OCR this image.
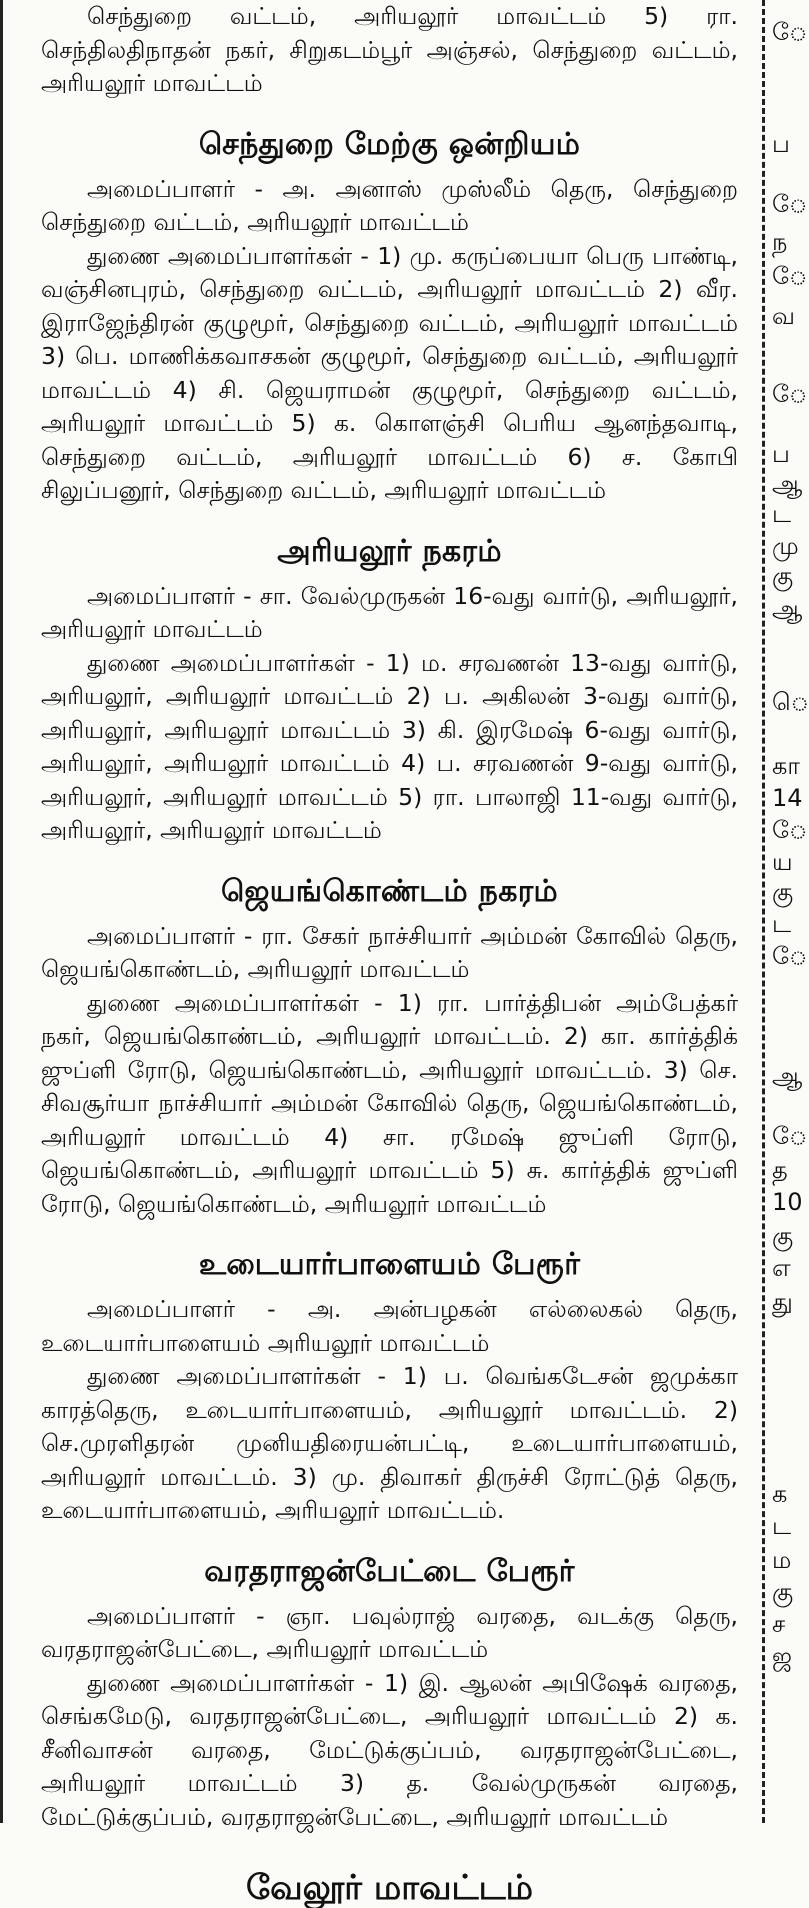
செந்துறை வட்டம், அரியலூர் மாவட்டம் 5) ரா. செந்திலதிநாதன் நகர், சிறுகடம்பூர் அஞ்சல், செந்துறை வட்டம், அரியலூர் மாவட்டம்

செந்துறை மேற்கு ஒன்றியம்

அமைப்பாளர் - அ. அனாஸ் முஸ்லீம் தெரு, செந்துறை செந்துறை வட்டம், அரியலூர் மாவட்டம்

துணை அமைப்பாளர்கள் - 1) மு. கருப்பையா பெரு பாண்டி, வஞ்சினபுரம், செந்துறை வட்டம், அரியலூர் மாவட்டம் 2) வீர. இராஜேந்திரன் குழுமூர், செந்துறை வட்டம், அரியலூர் மாவட்டம் 3) பெ. மாணிக்கவாசகன் குழுமூர், செந்துறை வட்டம், அரியலூர் மாவட்டம் 4) சி. ஜெயராமன் குழுமூர், செந்துறை வட்டம், அரியலூர் மாவட்டம் 5) க. கொளஞ்சி பெரிய ஆனந்தவாடி, செந்துறை வட்டம், அரியலூர் மாவட்டம் 6) ச. கோபி சிலுப்பனூர், செந்துறை வட்டம், அரியலூர் மாவட்டம்

அரியலூர் நகரம்

அமைப்பாளர் - சா. வேல்முருகன் 16-வது வார்டு, அரியலூர், அரியலூர் மாவட்டம்

துணை அமைப்பாளர்கள் - 1) ம. சரவணன் 13-வது வார்டு, அரியலூர், அரியலூர் மாவட்டம் 2) ப. அகிலன் 3-வது வார்டு, அரியலூர், அரியலூர் மாவட்டம் 3) கி. இரமேஷ் 6-வது வார்டு, அரியலூர், அரியலூர் மாவட்டம் 4) ப. சரவணன் 9-வது வார்டு, அரியலூர், அரியலூர் மாவட்டம் 5) ரா. பாலாஜி 11-வது வார்டு, அரியலூர், அரியலூர் மாவட்டம்

ஜெயங்கொண்டம் நகரம்

அமைப்பாளர் - ரா. சேகர் நாச்சியார் அம்மன் கோவில் தெரு, ஜெயங்கொண்டம், அரியலூர் மாவட்டம்

துணை அமைப்பாளர்கள் - 1) ரா. பார்த்திபன் அம்பேத்கர் நகர், ஜெயங்கொண்டம், அரியலூர் மாவட்டம். 2) கா. கார்த்திக் ஜுப்ளி ரோடு, ஜெயங்கொண்டம், அரியலூர் மாவட்டம். 3) செ. சிவசூர்யா நாச்சியார் அம்மன் கோவில் தெரு, ஜெயங்கொண்டம், அரியலூர் மாவட்டம் 4) சா. ரமேஷ் ஜுப்ளி ரோடு, ஜெயங்கொண்டம், அரியலூர் மாவட்டம் 5) சு. கார்த்திக் ஜுப்ளி ரோடு, ஜெயங்கொண்டம், அரியலூர் மாவட்டம்

உடையார்பாளையம் பேரூர்

அமைப்பாளர் - அ. அன்பழகன் எல்லைகல் தெரு, உடையார்பாளையம் அரியலூர் மாவட்டம்

துணை அமைப்பாளர்கள் - 1) ப. வெங்கடேசன் ஜமுக்கா காரத்தெரு, உடையார்பாளையம், அரியலூர் மாவட்டம். 2) செ.முரளிதரன் முனியதிரையன்பட்டி, உடையார்பாளையம், அரியலூர் மாவட்டம். 3) மு. திவாகர் திருச்சி ரோட்டுத் தெரு, உடையார்பாளையம், அரியலூர் மாவட்டம்.

வரதராஜன்பேட்டை பேரூர்

அமைப்பாளர் - ஞா. பவுல்ராஜ் வரதை, வடக்கு தெரு, வரதராஜன்பேட்டை, அரியலூர் மாவட்டம்

துணை அமைப்பாளர்கள் - 1) இ. ஆலன் அபிஷேக் வரதை, செங்கமேடு, வரதராஜன்பேட்டை, அரியலூர் மாவட்டம் 2) க. சீனிவாசன் வரதை, மேட்டுக்குப்பம், வரதராஜன்பேட்டை, அரியலூர் மாவட்டம் 3) த. வேல்முருகன் வரதை, மேட்டுக்குப்பம், வரதராஜன்பேட்டை, அரியலூர் மாவட்டம்

வேலூர் மாவட்டம்
ே
ப
ே
ந
ே
வ
ே
ப
ஆ
ட
மு
கு
ஆ
ெ
கா
14
ே
ய
கு
ட
ே
ஆ
ே
த
10
கு
எ
து
க
ட
ம
கு
ச
ஜ
